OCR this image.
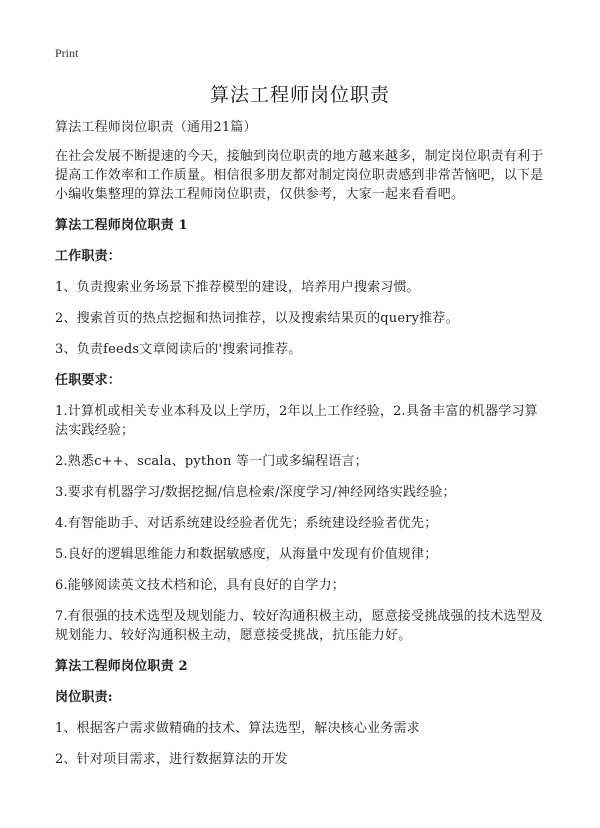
Print
算法工程师岗位职责

算法工程师岗位职责（通用21篇）

在社会发展不断提速的今天，接触到岗位职责的地方越来越多，制定岗位职责有利于提高工作效率和工作质量。相信很多朋友都对制定岗位职责感到非常苦恼吧，以下是小编收集整理的算法工程师岗位职责，仅供参考，大家一起来看看吧。

算法工程师岗位职责 1

工作职责：

1、负责搜索业务场景下推荐模型的建设，培养用户搜索习惯。

2、搜索首页的热点挖掘和热词推荐，以及搜索结果页的query推荐。

3、负责feeds文章阅读后的'搜索词推荐。

任职要求：

1.计算机或相关专业本科及以上学历，2年以上工作经验，2.具备丰富的机器学习算法实践经验；

2.熟悉c++、scala、python 等一门或多编程语言；

3.要求有机器学习/数据挖掘/信息检索/深度学习/神经网络实践经验；

4.有智能助手、对话系统建设经验者优先；系统建设经验者优先；

5.良好的逻辑思维能力和数据敏感度，从海量中发现有价值规律；

6.能够阅读英文技术档和论，具有良好的自学力；

7.有很强的技术选型及规划能力、较好沟通积极主动，愿意接受挑战强的技术选型及规划能力、较好沟通积极主动，愿意接受挑战，抗压能力好。

算法工程师岗位职责 2

岗位职责:

1、根据客户需求做精确的技术、算法选型，解决核心业务需求

2、针对项目需求，进行数据算法的开发
